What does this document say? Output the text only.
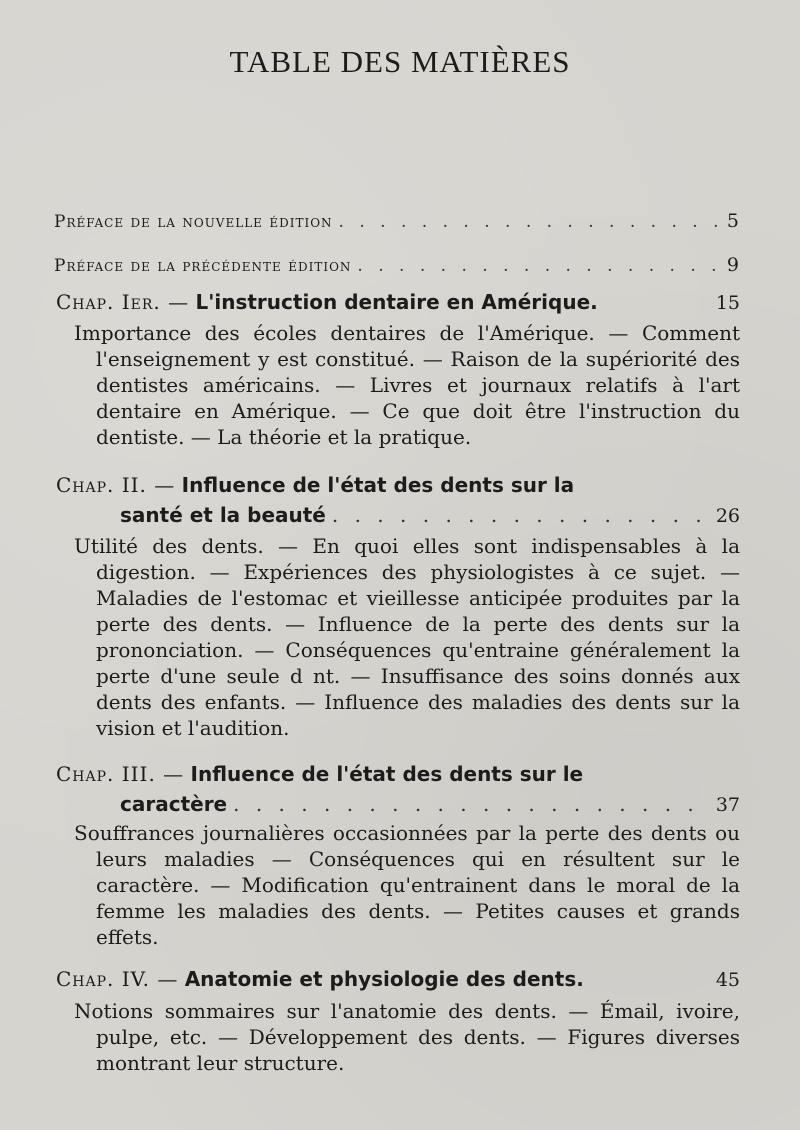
TABLE DES MATIÈRES
Préface de la nouvelle édition . . .	5
Préface de la précédente édition . . .	9
Chap. Ier. —
L'instruction dentaire en Amérique.	15

Importance des écoles dentaires de l'Amérique. — Comment l'enseignement y est constitué. — Raison de la supériorité des dentistes américains. — Livres et journaux relatifs à l'art dentaire en Amérique. — Ce que doit être l'instruction du dentiste. — La théorie et la pratique.

Chap. II. —
Influence de l'état des dents sur la
santé et la beauté . . .	26

Utilité des dents. — En quoi elles sont indispensables à la digestion. — Expériences des physiologistes à ce sujet. — Maladies de l'estomac et vieillesse anticipée produites par la perte des dents. — Influence de la perte des dents sur la prononciation. — Conséquences qu'entraine généralement la perte d'une seule d nt. — Insuffisance des soins donnés aux dents des enfants. — Influence des maladies des dents sur la vision et l'audition.

Chap. III. —
Influence de l'état des dents sur le
caractère . . .	37

Souffrances journalières occasionnées par la perte des dents ou leurs maladies — Conséquences qui en résultent sur le caractère. — Modification qu'entrainent dans le moral de la femme les maladies des dents. — Petites causes et grands effets.

Chap. IV. —
Anatomie et physiologie des dents.	45

Notions sommaires sur l'anatomie des dents. — Émail, ivoire, pulpe, etc. — Développement des dents. — Figures diverses montrant leur structure.
